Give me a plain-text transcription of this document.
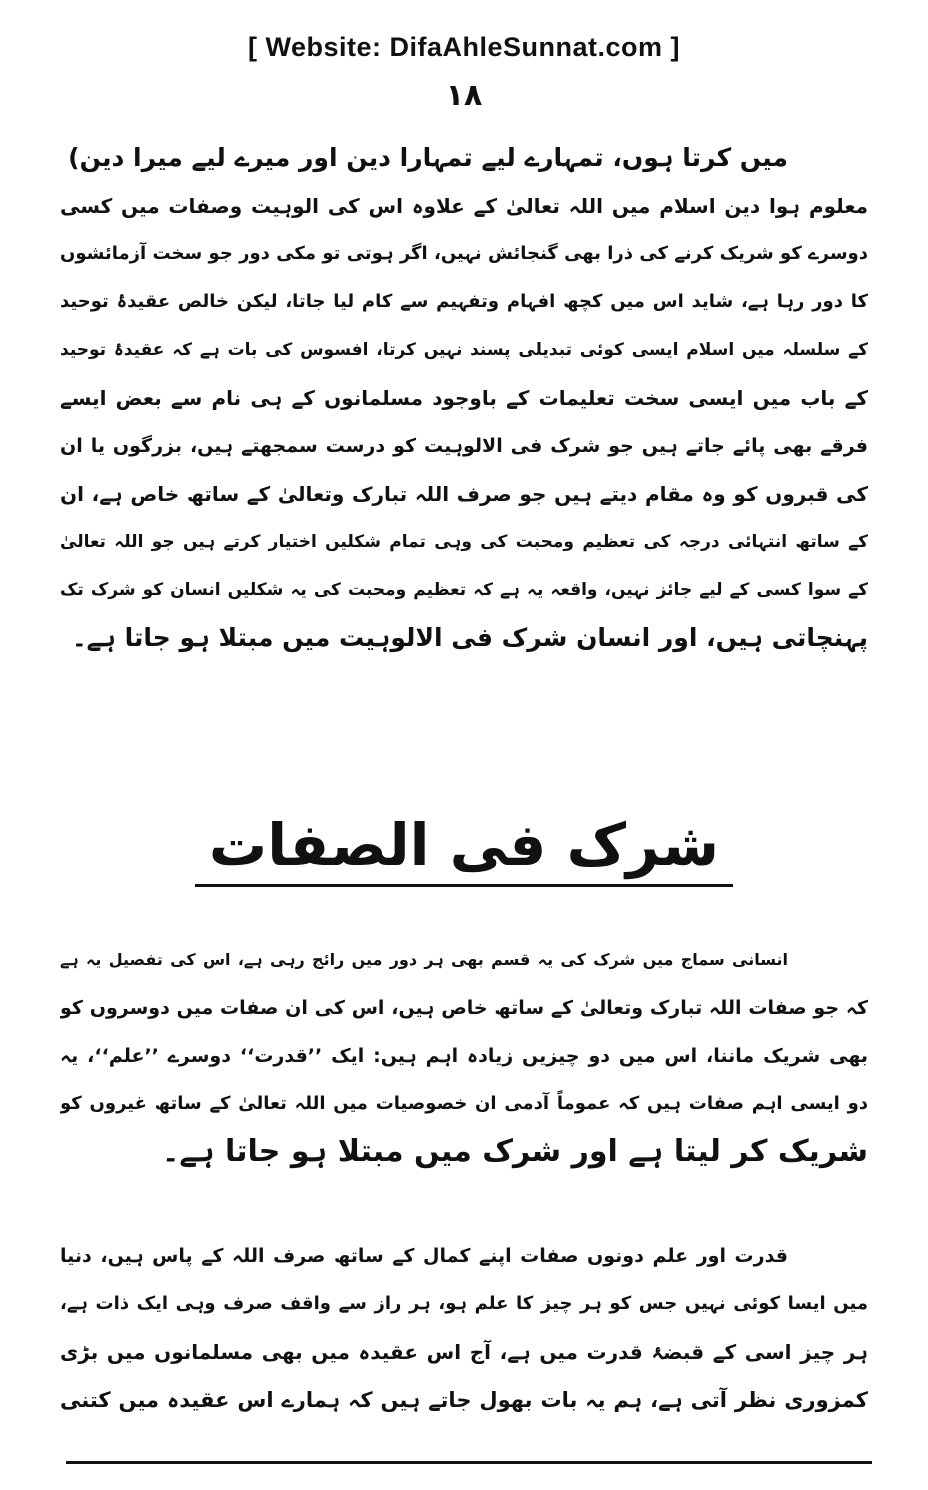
[ Website: DifaAhleSunnat.com ]
۱۸
میں کرتا ہوں، تمہارے لیے تمہارا دین اور میرے لیے میرا دین)
معلوم ہوا دین اسلام میں اللہ تعالیٰ کے علاوہ اس کی الوہیت وصفات میں کسی
دوسرے کو شریک کرنے کی ذرا بھی گنجائش نہیں، اگر ہوتی تو مکی دور جو سخت آزمائشوں
کا دور رہا ہے، شاید اس میں کچھ افہام وتفہیم سے کام لیا جاتا، لیکن خالص عقیدۂ توحید
کے سلسلہ میں اسلام ایسی کوئی تبدیلی پسند نہیں کرتا، افسوس کی بات ہے کہ عقیدۂ توحید
کے باب میں ایسی سخت تعلیمات کے باوجود مسلمانوں کے ہی نام سے بعض ایسے
فرقے بھی پائے جاتے ہیں جو شرک فی الالوہیت کو درست سمجھتے ہیں، بزرگوں یا ان
کی قبروں کو وہ مقام دیتے ہیں جو صرف اللہ تبارک وتعالیٰ کے ساتھ خاص ہے، ان
کے ساتھ انتہائی درجہ کی تعظیم ومحبت کی وہی تمام شکلیں اختیار کرتے ہیں جو اللہ تعالیٰ
کے سوا کسی کے لیے جائز نہیں، واقعہ یہ ہے کہ تعظیم ومحبت کی یہ شکلیں انسان کو شرک تک
پہنچاتی ہیں، اور انسان شرک فی الالوہیت میں مبتلا ہو جاتا ہے۔
شرک فی الصفات
انسانی سماج میں شرک کی یہ قسم بھی ہر دور میں رائج رہی ہے، اس کی تفصیل یہ ہے
کہ جو صفات اللہ تبارک وتعالیٰ کے ساتھ خاص ہیں، اس کی ان صفات میں دوسروں کو
بھی شریک ماننا، اس میں دو چیزیں زیادہ اہم ہیں: ایک ’’قدرت‘‘ دوسرے ’’علم‘‘، یہ
دو ایسی اہم صفات ہیں کہ عموماً آدمی ان خصوصیات میں اللہ تعالیٰ کے ساتھ غیروں کو
شریک کر لیتا ہے اور شرک میں مبتلا ہو جاتا ہے۔
قدرت اور علم دونوں صفات اپنے کمال کے ساتھ صرف اللہ کے پاس ہیں، دنیا
میں ایسا کوئی نہیں جس کو ہر چیز کا علم ہو، ہر راز سے واقف صرف وہی ایک ذات ہے،
ہر چیز اسی کے قبضۂ قدرت میں ہے، آج اس عقیدہ میں بھی مسلمانوں میں بڑی
کمزوری نظر آتی ہے، ہم یہ بات بھول جاتے ہیں کہ ہمارے اس عقیدہ میں کتنی
